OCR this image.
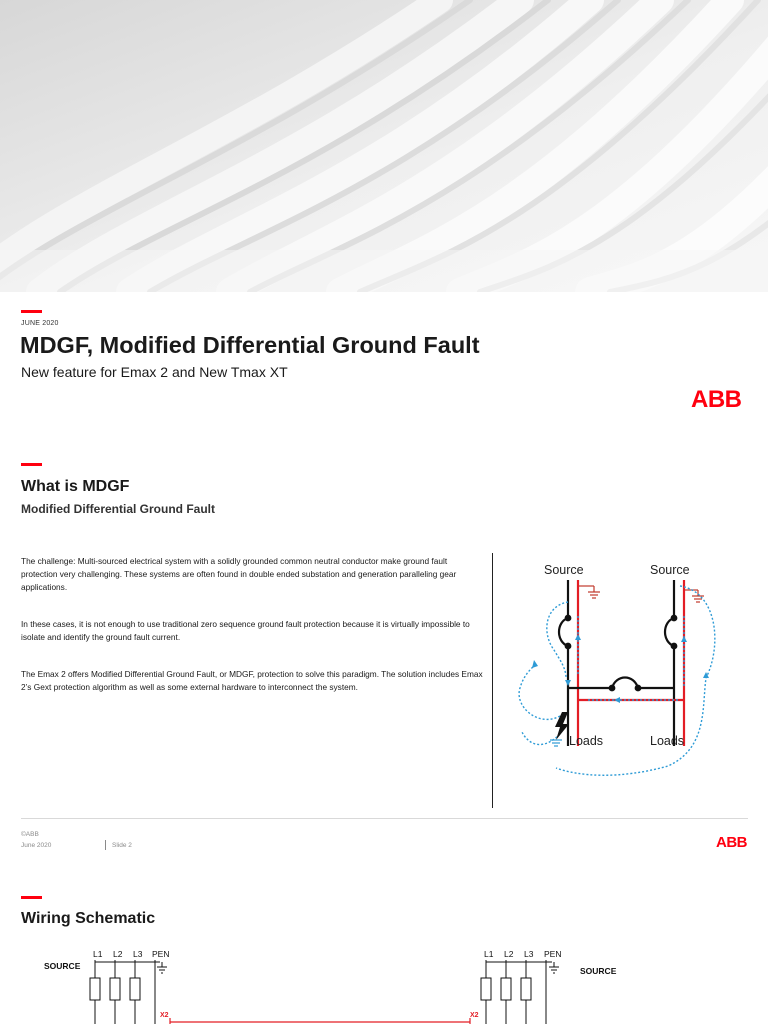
JUNE 2020
MDGF, Modified Differential Ground Fault
New feature for Emax 2 and New Tmax XT
ABB
What is MDGF
Modified Differential Ground Fault
The challenge: Multi-sourced electrical system with a solidly grounded common neutral conductor make ground fault protection very challenging. These systems are often found in double ended substation and generation paralleling gear applications.
In these cases, it is not enough to use traditional zero sequence ground fault protection because it is virtually impossible to isolate and identify the ground fault current.
The Emax 2 offers Modified Differential Ground Fault, or MDGF, protection to solve this paradigm. The solution includes Emax 2’s Gext protection algorithm as well as some external hardware to interconnect the system.
Source	Source
Loads	Loads
©ABB
June 2020	Slide 2	ABB
Wiring Schematic
L1 L2 L3 PEN	L1 L2 L3 PEN
SOURCE	SOURCE
X2	X2
